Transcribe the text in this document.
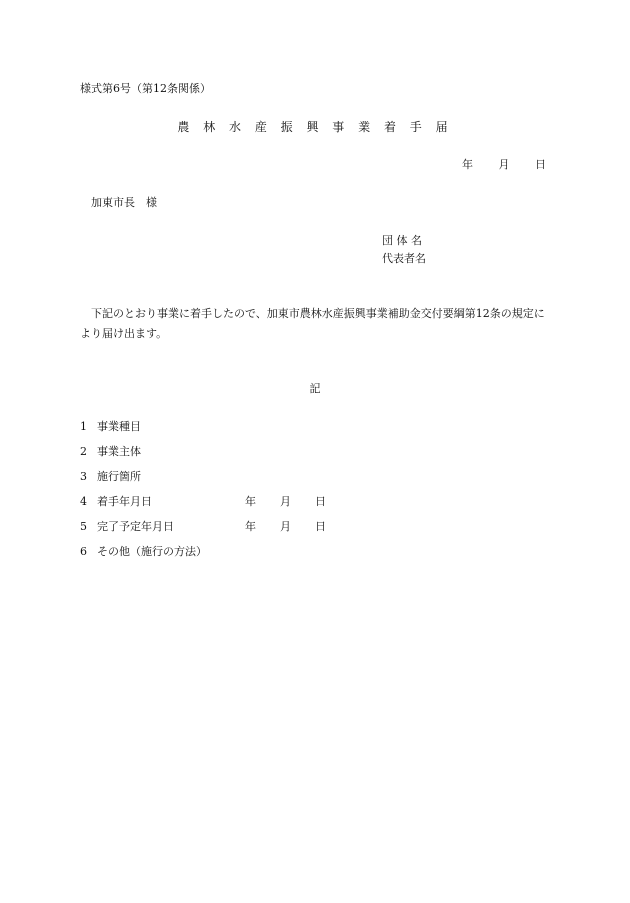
様式第6号（第12条関係）
農 林 水 産 振 興 事 業 着 手 届
年 月 日
加東市長　様
団 体 名
代表者名
下記のとおり事業に着手したので、加東市農林水産振興事業補助金交付要綱第12条の規定により届け出ます。
記
1 事業種目
2 事業主体
3 施行箇所
4 着手年月日	年 月 日
5 完了予定年月日	年 月 日
6 その他（施行の方法）
